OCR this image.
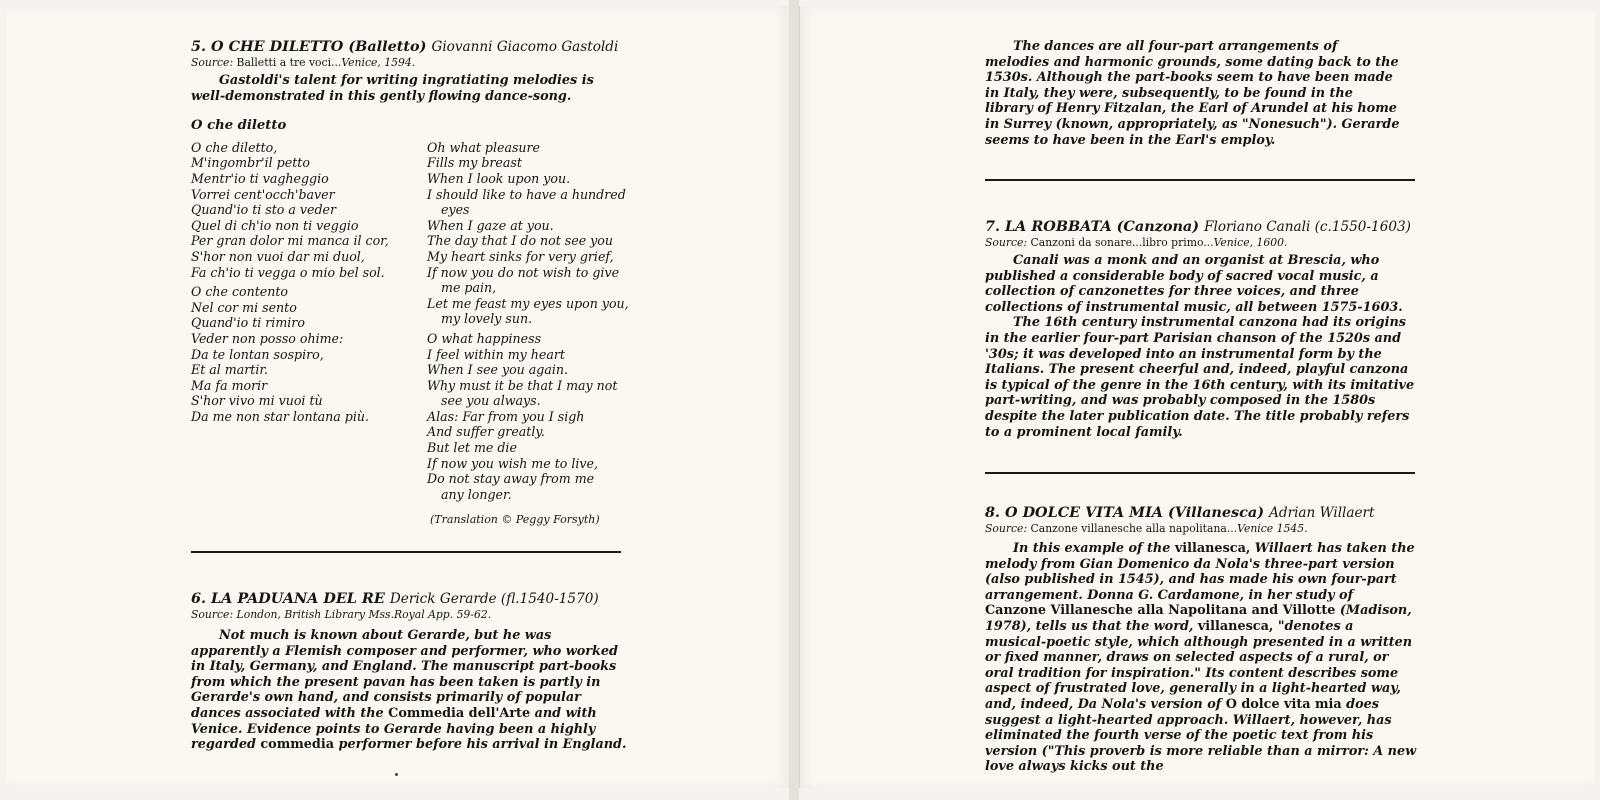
5. O CHE DILETTO (Balletto) Giovanni Giacomo Gastoldi
Source: Balletti a tre voci...Venice, 1594.

Gastoldi's talent for writing ingratiating melodies is well-demonstrated in this gently flowing dance-song.

O che diletto
O che diletto,
M'ingombr'il petto
Mentr'io ti vagheggio
Vorrei cent'occh'baver
Quand'io ti sto a veder
Quel di ch'io non ti veggio
Per gran dolor mi manca il cor,
S'hor non vuoi dar mi duol,
Fa ch'io ti vegga o mio bel sol.
O che contento
Nel cor mi sento
Quand'io ti rimiro
Veder non posso ohime:
Da te lontan sospiro,
Et al martir.
Ma fa morir
S'hor vivo mi vuoi tù
Da me non star lontana più.
Oh what pleasure
Fills my breast
When I look upon you.
I should like to have a hundred
eyes
When I gaze at you.
The day that I do not see you
My heart sinks for very grief,
If now you do not wish to give
me pain,
Let me feast my eyes upon you,
my lovely sun.
O what happiness
I feel within my heart
When I see you again.
Why must it be that I may not
see you always.
Alas: Far from you I sigh
And suffer greatly.
But let me die
If now you wish me to live,
Do not stay away from me
any longer.
(Translation © Peggy Forsyth)
6. LA PADUANA DEL RE Derick Gerarde (fl.1540-1570)
Source: London, British Library Mss.Royal App. 59-62.

Not much is known about Gerarde, but he was apparently a Flemish composer and performer, who worked in Italy, Germany, and England. The manuscript part-books from which the present pavan has been taken is partly in Gerarde's own hand, and consists primarily of popular dances associated with the Commedia dell'Arte and with Venice. Evidence points to Gerarde having been a highly regarded commedia performer before his arrival in England.

The dances are all four-part arrangements of melodies and harmonic grounds, some dating back to the 1530s. Although the part-books seem to have been made in Italy, they were, subsequently, to be found in the library of Henry Fitzalan, the Earl of Arundel at his home in Surrey (known, appropriately, as "Nonesuch"). Gerarde seems to have been in the Earl's employ.

7. LA ROBBATA (Canzona) Floriano Canali (c.1550-1603)
Source: Canzoni da sonare...libro primo...Venice, 1600.

Canali was a monk and an organist at Brescia, who published a considerable body of sacred vocal music, a collection of canzonettes for three voices, and three collections of instrumental music, all between 1575-1603.

The 16th century instrumental canzona had its origins in the earlier four-part Parisian chanson of the 1520s and '30s; it was developed into an instrumental form by the Italians. The present cheerful and, indeed, playful canzona is typical of the genre in the 16th century, with its imitative part-writing, and was probably composed in the 1580s despite the later publication date. The title probably refers to a prominent local family.

8. O DOLCE VITA MIA (Villanesca) Adrian Willaert
Source: Canzone villanesche alla napolitana...Venice 1545.

In this example of the villanesca, Willaert has taken the melody from Gian Domenico da Nola's three-part version (also published in 1545), and has made his own four-part arrangement. Donna G. Cardamone, in her study of Canzone Villanesche alla Napolitana and Villotte (Madison, 1978), tells us that the word, villanesca, "denotes a musical-poetic style, which although presented in a written or fixed manner, draws on selected aspects of a rural, or oral tradition for inspiration." Its content describes some aspect of frustrated love, generally in a light-hearted way, and, indeed, Da Nola's version of O dolce vita mia does suggest a light-hearted approach. Willaert, however, has eliminated the fourth verse of the poetic text from his version ("This proverb is more reliable than a mirror: A new love always kicks out the
